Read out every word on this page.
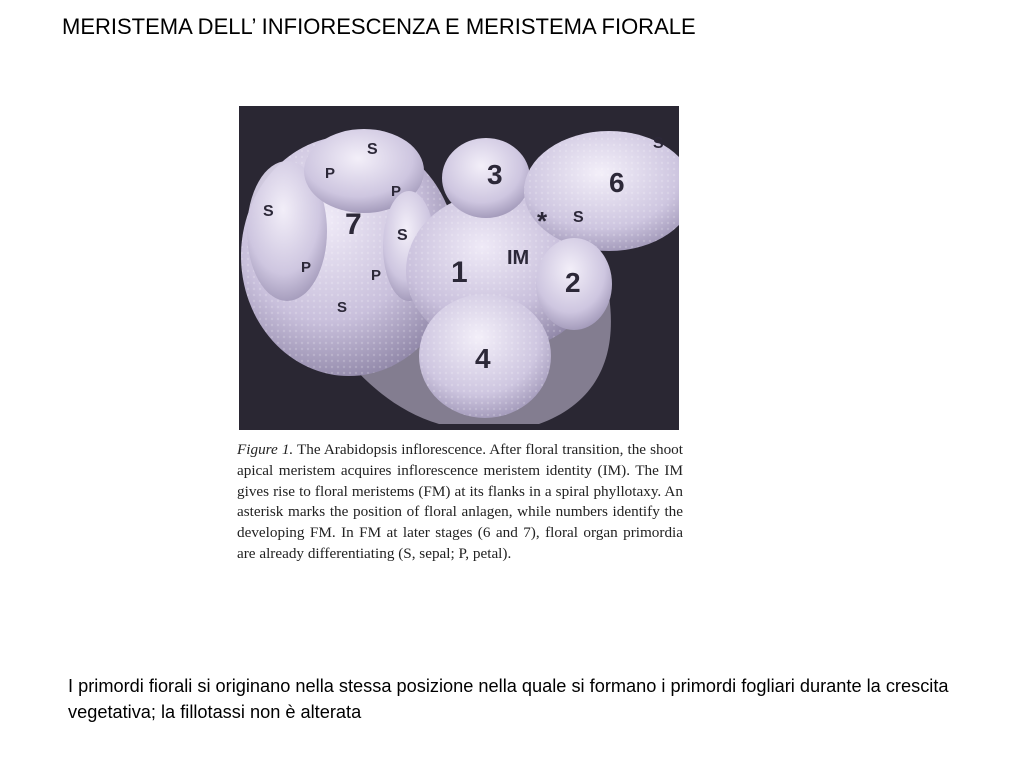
MERISTEMA DELL’ INFIORESCENZA E MERISTEMA FIORALE
S
S
P
P
7 S
P	P
S
3
*
IM
1	2
6
S
S
4
Figure 1. The Arabidopsis inflorescence. After floral transition, the shoot apical meristem acquires inflorescence meristem identity (IM). The IM gives rise to floral meristems (FM) at its flanks in a spiral phyllotaxy. An asterisk marks the position of floral anlagen, while numbers identify the developing FM. In FM at later stages (6 and 7), floral organ primordia are already differentiating (S, sepal; P, petal).
I primordi fiorali si originano nella stessa posizione nella quale si formano i primordi fogliari durante la crescita vegetativa; la fillotassi non è alterata
